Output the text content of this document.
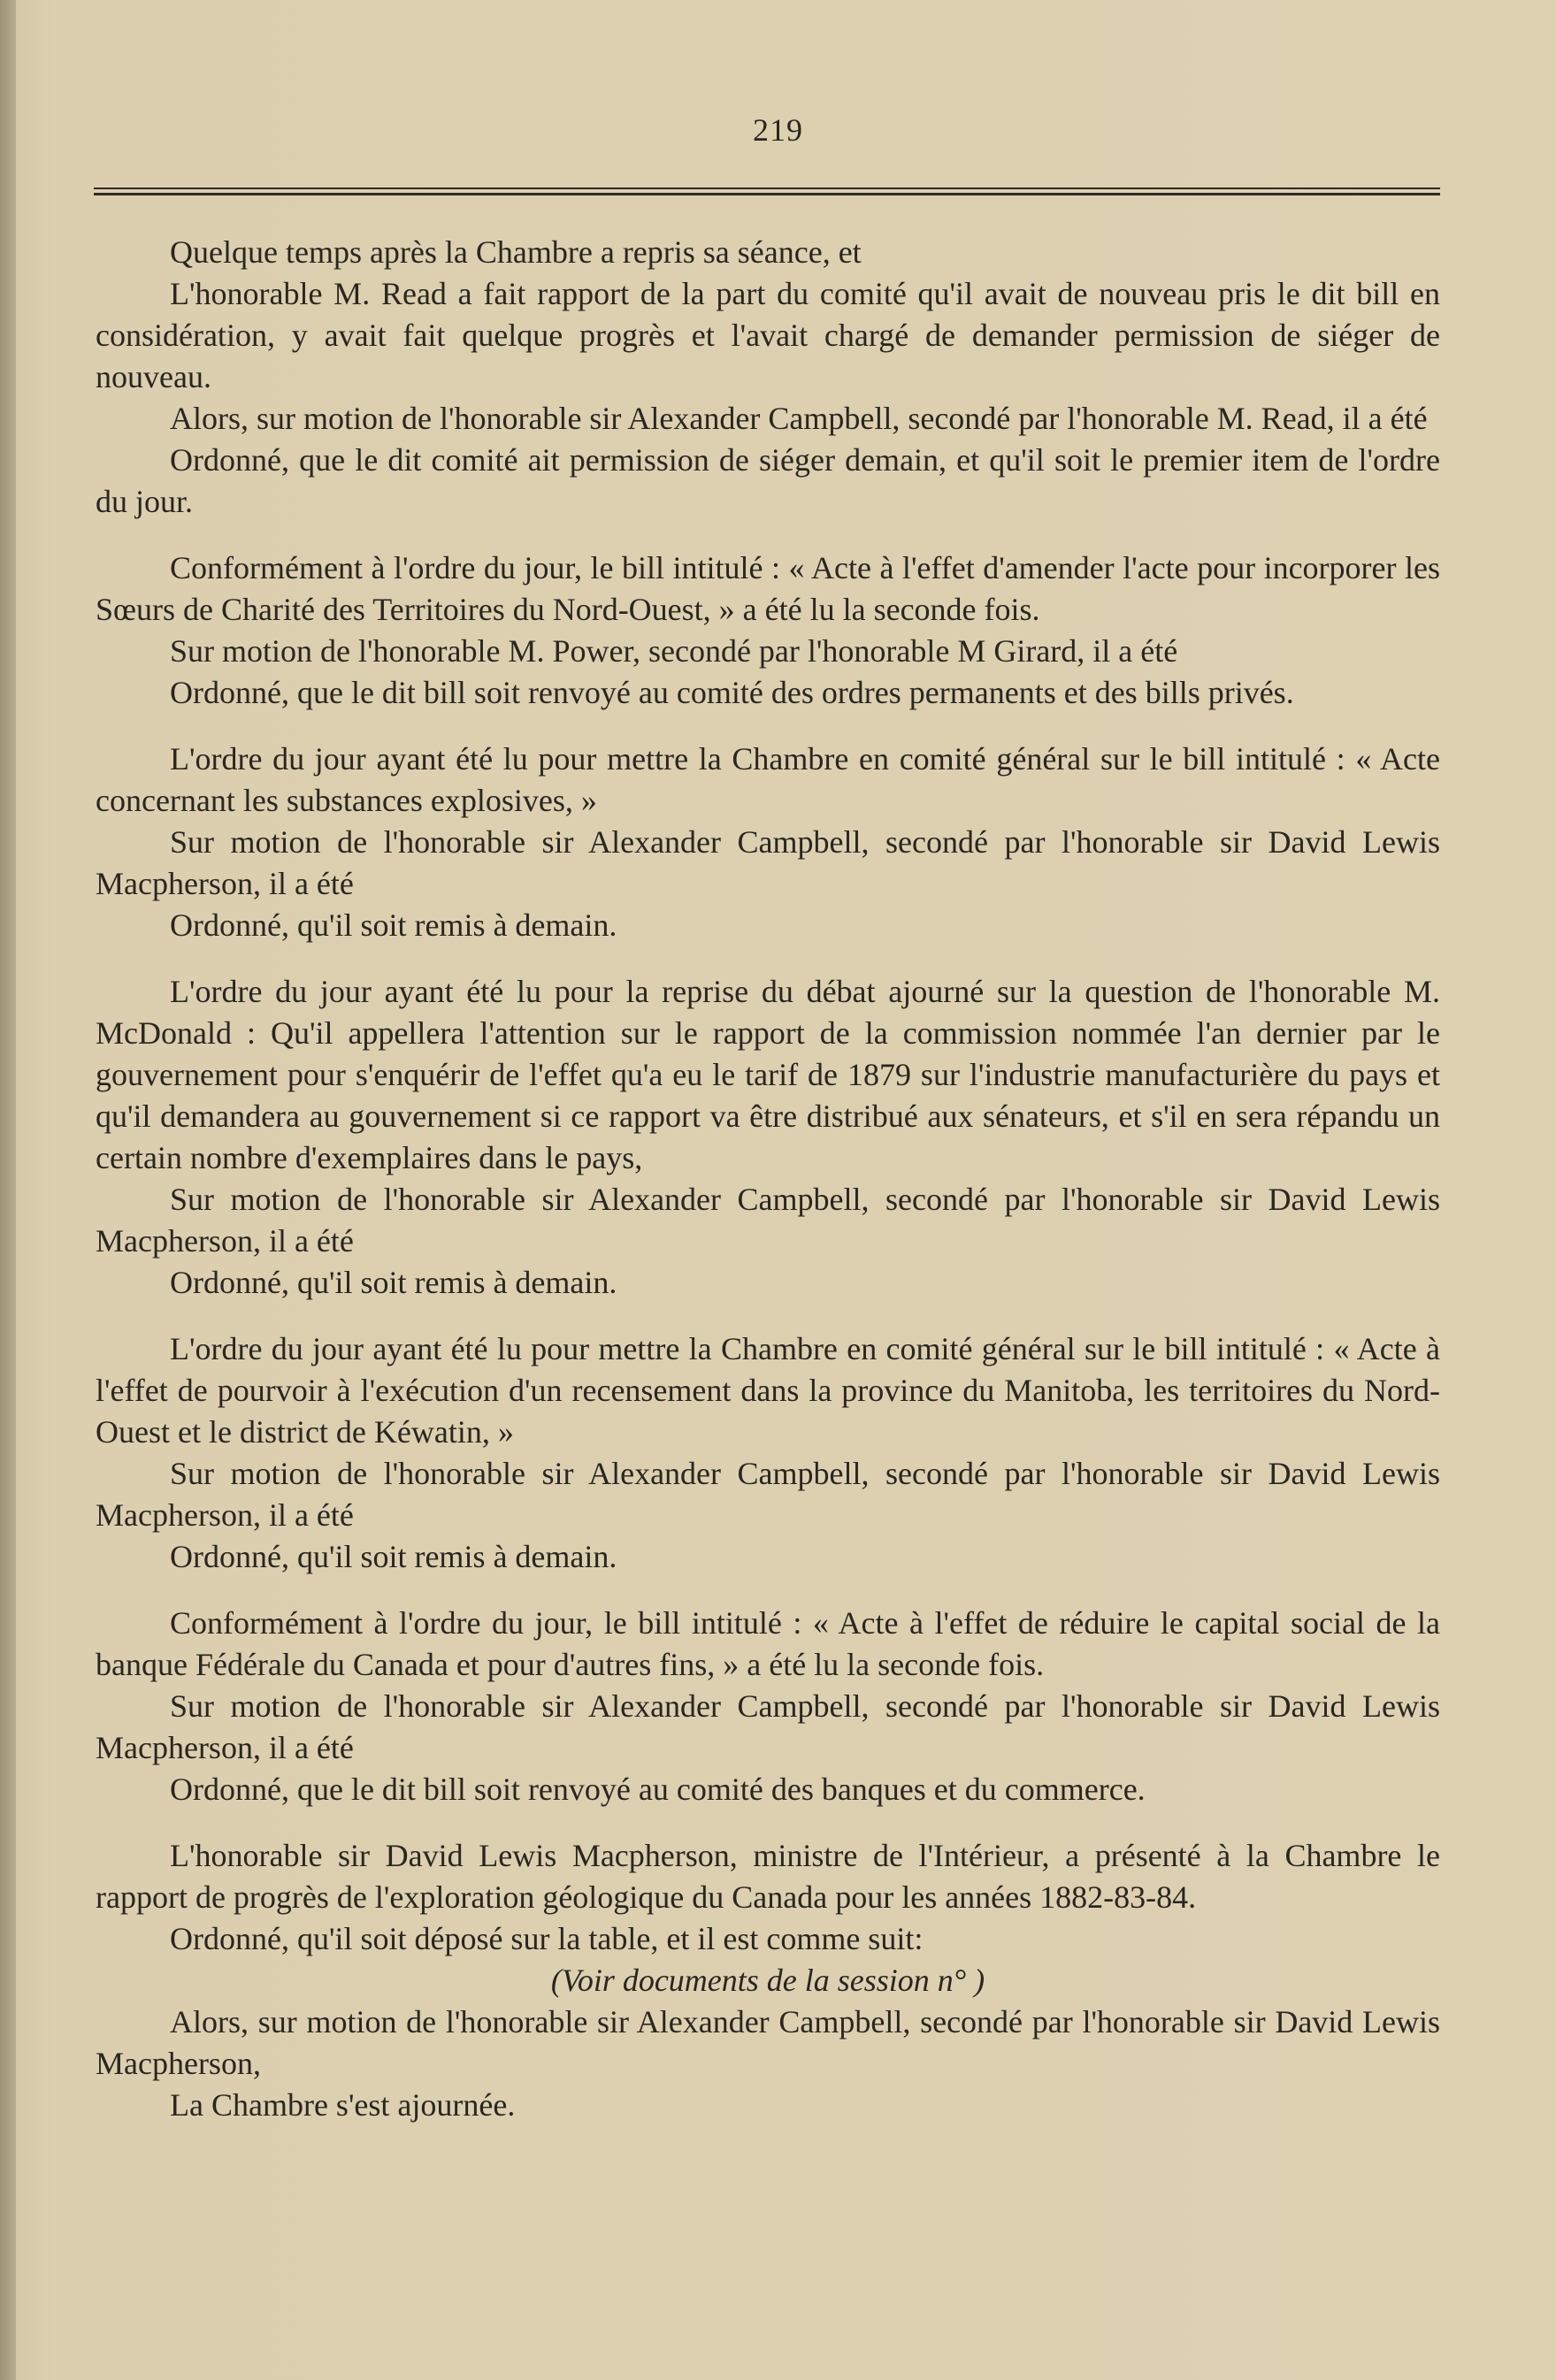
219

Quelque temps après la Chambre a repris sa séance, et

L'honorable M. Read a fait rapport de la part du comité qu'il avait de nouveau pris le dit bill en considération, y avait fait quelque progrès et l'avait chargé de demander permission de siéger de nouveau.

Alors, sur motion de l'honorable sir Alexander Campbell, secondé par l'honorable M. Read, il a été

Ordonné, que le dit comité ait permission de siéger demain, et qu'il soit le premier item de l'ordre du jour.

Conformément à l'ordre du jour, le bill intitulé : « Acte à l'effet d'amender l'acte pour incorporer les Sœurs de Charité des Territoires du Nord-Ouest, » a été lu la seconde fois.

Sur motion de l'honorable M. Power, secondé par l'honorable M Girard, il a été

Ordonné, que le dit bill soit renvoyé au comité des ordres permanents et des bills privés.

L'ordre du jour ayant été lu pour mettre la Chambre en comité général sur le bill intitulé : « Acte concernant les substances explosives, »

Sur motion de l'honorable sir Alexander Campbell, secondé par l'honorable sir David Lewis Macpherson, il a été

Ordonné, qu'il soit remis à demain.

L'ordre du jour ayant été lu pour la reprise du débat ajourné sur la question de l'honorable M. McDonald : Qu'il appellera l'attention sur le rapport de la commission nommée l'an dernier par le gouvernement pour s'enquérir de l'effet qu'a eu le tarif de 1879 sur l'industrie manufacturière du pays et qu'il demandera au gouvernement si ce rapport va être distribué aux sénateurs, et s'il en sera répandu un certain nombre d'exemplaires dans le pays,

Sur motion de l'honorable sir Alexander Campbell, secondé par l'honorable sir David Lewis Macpherson, il a été

Ordonné, qu'il soit remis à demain.

L'ordre du jour ayant été lu pour mettre la Chambre en comité général sur le bill intitulé : « Acte à l'effet de pourvoir à l'exécution d'un recensement dans la province du Manitoba, les territoires du Nord-Ouest et le district de Kéwatin, »

Sur motion de l'honorable sir Alexander Campbell, secondé par l'honorable sir David Lewis Macpherson, il a été

Ordonné, qu'il soit remis à demain.

Conformément à l'ordre du jour, le bill intitulé : « Acte à l'effet de réduire le capital social de la banque Fédérale du Canada et pour d'autres fins, » a été lu la seconde fois.

Sur motion de l'honorable sir Alexander Campbell, secondé par l'honorable sir David Lewis Macpherson, il a été

Ordonné, que le dit bill soit renvoyé au comité des banques et du commerce.

L'honorable sir David Lewis Macpherson, ministre de l'Intérieur, a présenté à la Chambre le rapport de progrès de l'exploration géologique du Canada pour les années 1882-83-84.

Ordonné, qu'il soit déposé sur la table, et il est comme suit:

(Voir documents de la session n° )

Alors, sur motion de l'honorable sir Alexander Campbell, secondé par l'honorable sir David Lewis Macpherson,

La Chambre s'est ajournée.
